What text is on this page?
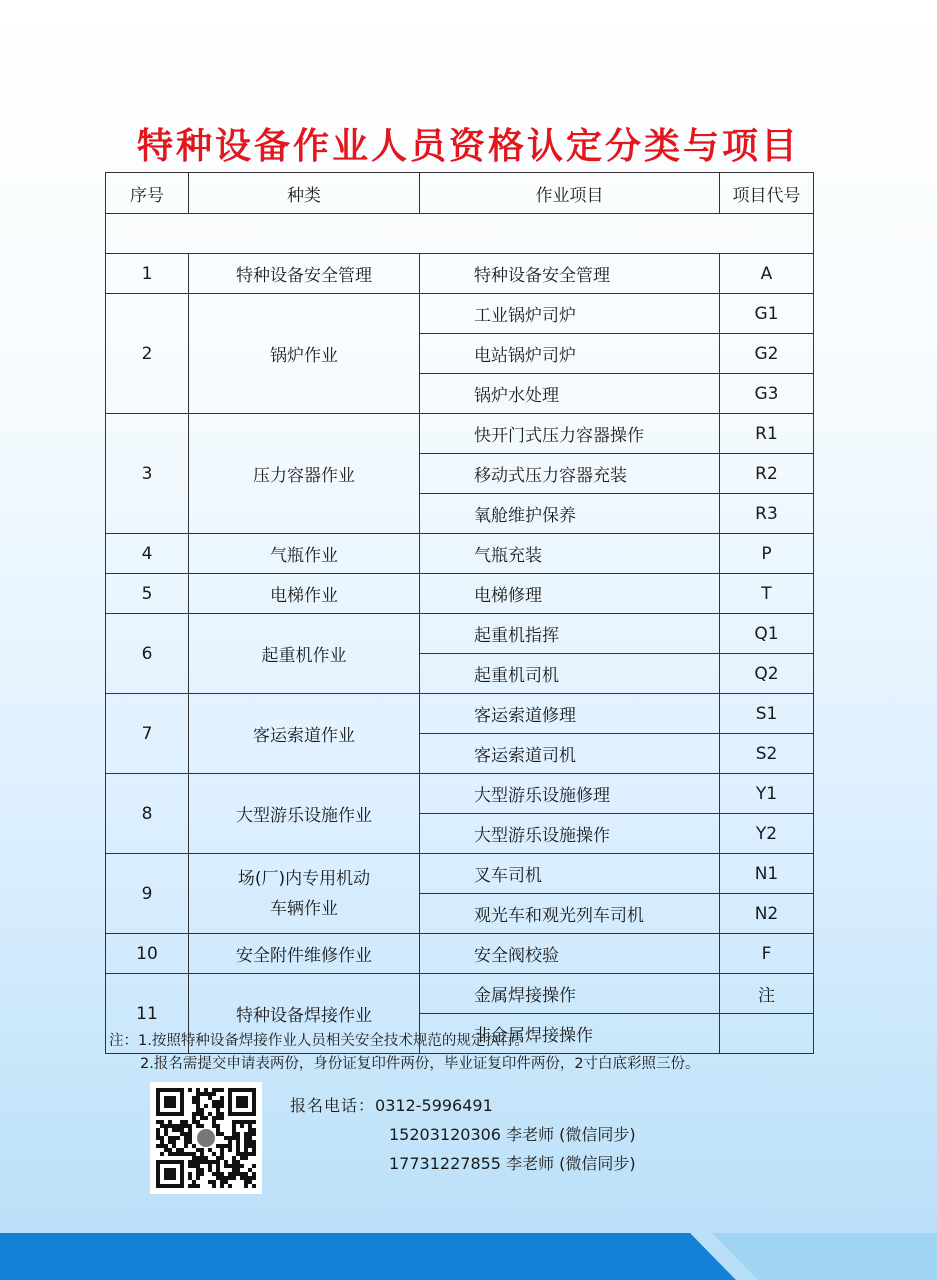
特种设备作业人员资格认定分类与项目
序号	种类	作业项目	项目代号

1	特种设备安全管理	特种设备安全管理	A
2	锅炉作业	工业锅炉司炉	G1
		电站锅炉司炉	G2
		锅炉水处理	G3
3	压力容器作业	快开门式压力容器操作	R1
		移动式压力容器充装	R2
		氧舱维护保养	R3
4	气瓶作业	气瓶充装	P
5	电梯作业	电梯修理	T
6	起重机作业	起重机指挥	Q1
		起重机司机	Q2
7	客运索道作业	客运索道修理	S1
		客运索道司机	S2
8	大型游乐设施作业	大型游乐设施修理	Y1
		大型游乐设施操作	Y2
9	场(厂)内专用机动
车辆作业	叉车司机	N1
		观光车和观光列车司机	N2
10	安全附件维修作业	安全阀校验	F
11	特种设备焊接作业	金属焊接操作	注
		非金属焊接操作	
注：1.按照特种设备焊接作业人员相关安全技术规范的规定执行。
2.报名需提交申请表两份，身份证复印件两份，毕业证复印件两份，2寸白底彩照三份。
报名电话：0312-5996491
15203120306 李老师 (微信同步)
17731227855 李老师 (微信同步)
